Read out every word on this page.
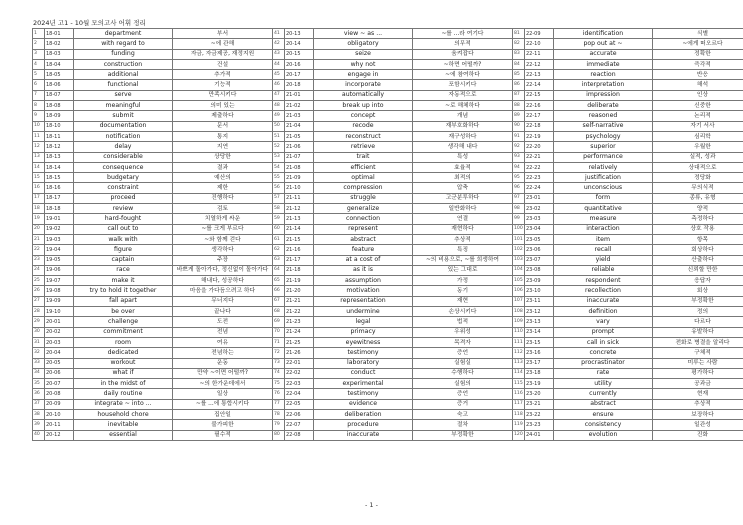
2024년 고1 - 10월 모의고사 어휘 정리
1	18-01	department	부서	41	20-13	view ~ as ...	~를 ...라 여기다	81	22-09	identification	식별
2	18-02	with regard to	~에 관해	42	20-14	obligatory	의무적	82	22-10	pop out at ~	~에게 떠오르다
3	18-03	funding	자금, 자금제공, 재정지원	43	20-15	seize	움켜잡다	83	22-11	accurate	정확한
4	18-04	construction	건설	44	20-16	why not	~하면 어떨까?	84	22-12	immediate	즉각적
5	18-05	additional	추가적	45	20-17	engage in	~에 참여하다	85	22-13	reaction	반응
6	18-06	functional	기능적	46	20-18	incorporate	포함시키다	86	22-14	interpretation	해석
7	18-07	serve	만족시키다	47	21-01	automatically	자동적으로	87	22-15	impression	인상
8	18-08	meaningful	의미 있는	48	21-02	break up into	~로 해체하다	88	22-16	deliberate	신중한
9	18-09	submit	제출하다	49	21-03	concept	개념	89	22-17	reasoned	논리적
10	18-10	documentation	문서	50	21-04	recode	재부호화하다	90	22-18	self-narrative	자기 서사
11	18-11	notification	통지	51	21-05	reconstruct	재구성하다	91	22-19	psychology	심리학
12	18-12	delay	지연	52	21-06	retrieve	생각해 내다	92	22-20	superior	우월한
13	18-13	considerable	상당한	53	21-07	trait	특성	93	22-21	performance	실적, 성과
14	18-14	consequence	결과	54	21-08	efficient	효율적	94	22-22	relatively	상대적으로
15	18-15	budgetary	예산의	55	21-09	optimal	최적의	95	22-23	justification	정당화
16	18-16	constraint	제한	56	21-10	compression	압축	96	22-24	unconscious	무의식적
17	18-17	proceed	진행하다	57	21-11	struggle	고군분투하다	97	23-01	form	종류, 유형
18	18-18	review	검토	58	21-12	generalize	일반화하다	98	23-02	quantitative	양적
19	19-01	hard-fought	치열하게 싸운	59	21-13	connection	연결	99	23-03	measure	측정하다
20	19-02	call out to	~를 크게 부르다	60	21-14	represent	재현하다	100	23-04	interaction	상호 작용
21	19-03	walk with	~와 함께 걷다	61	21-15	abstract	추상적	101	23-05	item	항목
22	19-04	figure	생각하다	62	21-16	feature	특징	102	23-06	recall	회상하다
23	19-05	captain	주장	63	21-17	at a cost of	~의 비용으로, ~를 희생하여	103	23-07	yield	산출하다
24	19-06	race	바쁘게 돌아가다, 정신없이 돌아가다	64	21-18	as it is	있는 그대로	104	23-08	reliable	신뢰할 만한
25	19-07	make it	해내다, 성공하다	65	21-19	assumption	가정	105	23-09	respondent	응답자
26	19-08	try to hold it together	마음을 가다듬으려고 하다	66	21-20	motivation	동기	106	23-10	recollection	회상
27	19-09	fall apart	무너지다	67	21-21	representation	재현	107	23-11	inaccurate	부정확한
28	19-10	be over	끝나다	68	21-22	undermine	손상시키다	108	23-12	definition	정의
29	20-01	challenge	도전	69	21-23	legal	법적	109	23-13	vary	다르다
30	20-02	commitment	전념	70	21-24	primacy	우위성	110	23-14	prompt	유발하다
31	20-03	room	여유	71	21-25	eyewitness	목격자	111	23-15	call in sick	전화로 병결을 알리다
32	20-04	dedicated	전념하는	72	21-26	testimony	증언	112	23-16	concrete	구체적
33	20-05	workout	운동	73	22-01	laboratory	실험실	113	23-17	procrastinator	미루는 사람
34	20-06	what if	만약 ~이면 어떨까?	74	22-02	conduct	수행하다	114	23-18	rate	평가하다
35	20-07	in the midst of	~의 한가운데에서	75	22-03	experimental	실험의	115	23-19	utility	공과금
36	20-08	daily routine	일상	76	22-04	testimony	증언	116	23-20	currently	현재
37	20-09	integrate ~ into ...	~를 ...에 통합시키다	77	22-05	evidence	증거	117	23-21	abstract	추상적
38	20-10	household chore	집안일	78	22-06	deliberation	숙고	118	23-22	ensure	보장하다
39	20-11	inevitable	불가피한	79	22-07	procedure	절차	119	23-23	consistency	일관성
40	20-12	essential	필수적	80	22-08	inaccurate	부정확한	120	24-01	evolution	진화
- 1 -
